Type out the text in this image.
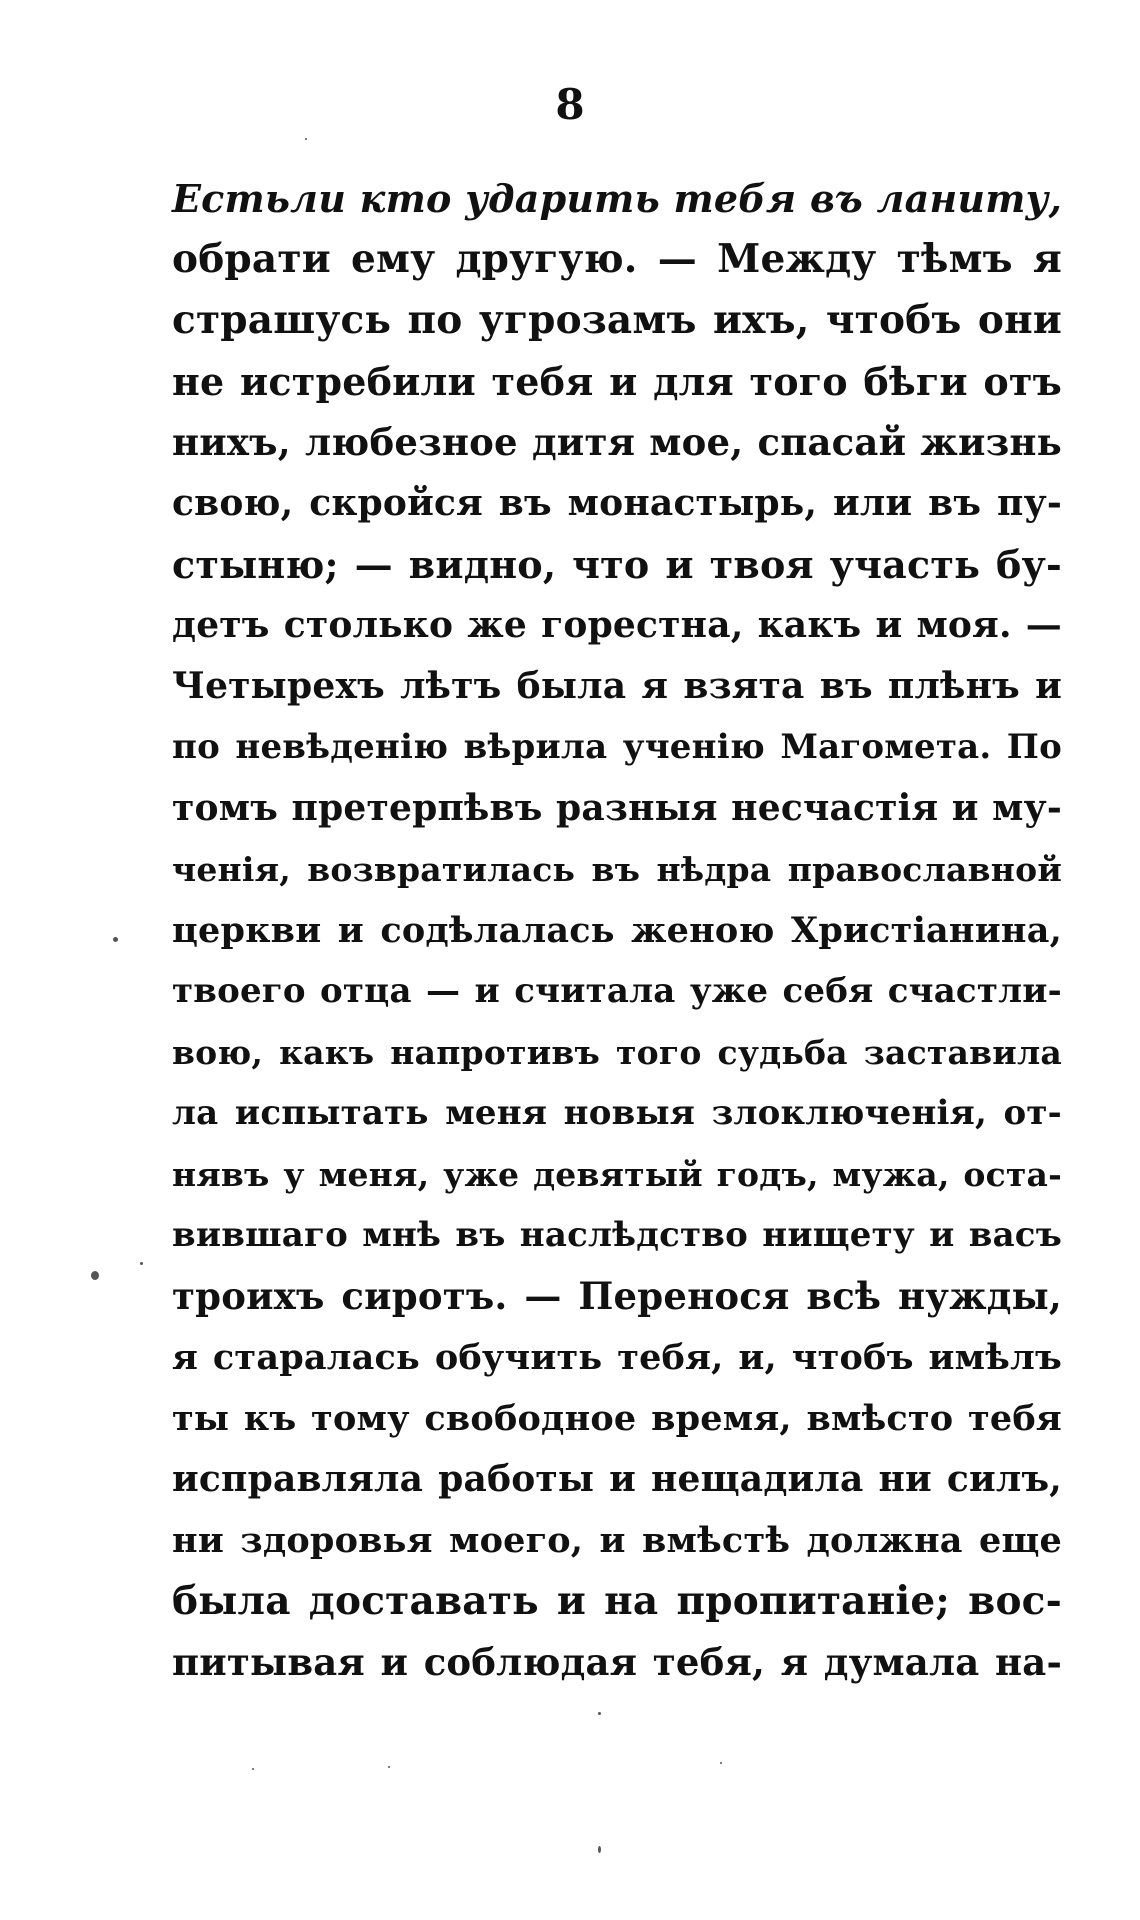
8
Естьли кто ударить тебя въ ланиту,
обрати ему другую. — Между тѣмъ я
страшусь по угрозамъ ихъ, чтобъ они
не истребили тебя и для того бѣги отъ
нихъ, любезное дитя мое, спасай жизнь
свою, скройся въ монастырь, или въ пу-
стыню; — видно, что и твоя участь бу-
детъ столько же горестна, какъ и моя. —
Четырехъ лѣтъ была я взята въ плѣнъ и
по невѣденію вѣрила ученію Магомета. По
томъ претерпѣвъ разныя несчастія и му-
ченія, возвратилась въ нѣдра православной
церкви и содѣлалась женою Христіанина,
твоего отца — и считала уже себя счастли-
вою, какъ напротивъ того судьба заставила
ла испытать меня новыя злоключенія, от-
нявъ у меня, уже девятый годъ, мужа, оста-
вившаго мнѣ въ наслѣдство нищету и васъ
троихъ сиротъ. — Перенося всѣ нужды,
я старалась обучить тебя, и, чтобъ имѣлъ
ты къ тому свободное время, вмѣсто тебя
исправляла работы и нещадила ни силъ,
ни здоровья моего, и вмѣстѣ должна еще
была доставать и на пропитаніе; вос-
питывая и соблюдая тебя, я думала на-
